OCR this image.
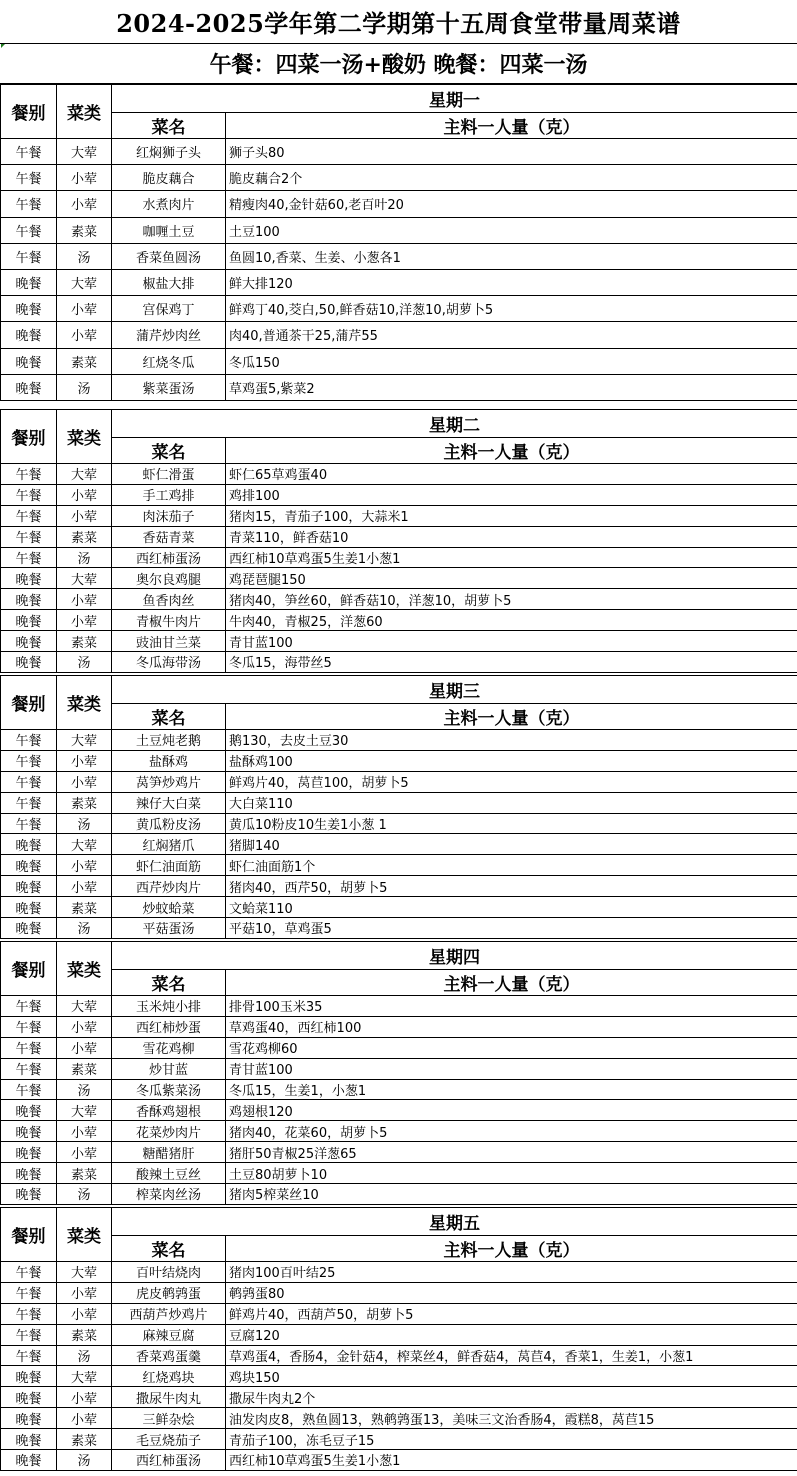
2024-2025学年第二学期第十五周食堂带量周菜谱
午餐：四菜一汤+酸奶 晚餐：四菜一汤
餐别	菜类	星期一	
		菜名	主料一人量（克）
午餐	大荤	红焖狮子头	狮子头80
午餐	小荤	脆皮藕合	脆皮藕合2个
午餐	小荤	水煮肉片	精瘦肉40,金针菇60,老百叶20
午餐	素菜	咖喱土豆	土豆100
午餐	汤	香菜鱼圆汤	鱼圆10,香菜、生姜、小葱各1
晚餐	大荤	椒盐大排	鲜大排120
晚餐	小荤	宫保鸡丁	鲜鸡丁40,茭白,50,鲜香菇10,洋葱10,胡萝卜5
晚餐	小荤	蒲芹炒肉丝	肉40,普通茶干25,蒲芹55
晚餐	素菜	红烧冬瓜	冬瓜150
晚餐	汤	紫菜蛋汤	草鸡蛋5,紫菜2
餐别	菜类	星期二	
		菜名	主料一人量（克）
午餐	大荤	虾仁滑蛋	虾仁65草鸡蛋40
午餐	小荤	手工鸡排	鸡排100
午餐	小荤	肉沫茄子	猪肉15，青茄子100，大蒜米1
午餐	素菜	香菇青菜	青菜110，鲜香菇10
午餐	汤	西红柿蛋汤	西红柿10草鸡蛋5生姜1小葱1
晚餐	大荤	奥尔良鸡腿	鸡琵琶腿150
晚餐	小荤	鱼香肉丝	猪肉40，笋丝60，鲜香菇10，洋葱10，胡萝卜5
晚餐	小荤	青椒牛肉片	牛肉40，青椒25，洋葱60
晚餐	素菜	豉油甘兰菜	青甘蓝100
晚餐	汤	冬瓜海带汤	冬瓜15，海带丝5
餐别	菜类	星期三	
		菜名	主料一人量（克）
午餐	大荤	土豆炖老鹅	鹅130，去皮土豆30
午餐	小荤	盐酥鸡	盐酥鸡100
午餐	小荤	莴笋炒鸡片	鲜鸡片40，莴苣100，胡萝卜5
午餐	素菜	辣仔大白菜	大白菜110
午餐	汤	黄瓜粉皮汤	黄瓜10粉皮10生姜1小葱 1
晚餐	大荤	红焖猪爪	猪脚140
晚餐	小荤	虾仁油面筋	虾仁油面筋1个
晚餐	小荤	西芹炒肉片	猪肉40，西芹50，胡萝卜5
晚餐	素菜	炒蚊蛤菜	文蛤菜110
晚餐	汤	平菇蛋汤	平菇10，草鸡蛋5
餐别	菜类	星期四	
		菜名	主料一人量（克）
午餐	大荤	玉米炖小排	排骨100玉米35
午餐	小荤	西红柿炒蛋	草鸡蛋40，西红柿100
午餐	小荤	雪花鸡柳	雪花鸡柳60
午餐	素菜	炒甘蓝	青甘蓝100
午餐	汤	冬瓜紫菜汤	冬瓜15，生姜1，小葱1
晚餐	大荤	香酥鸡翅根	鸡翅根120
晚餐	小荤	花菜炒肉片	猪肉40，花菜60，胡萝卜5
晚餐	小荤	糖醋猪肝	猪肝50青椒25洋葱65
晚餐	素菜	酸辣土豆丝	土豆80胡萝卜10
晚餐	汤	榨菜肉丝汤	猪肉5榨菜丝10
餐别	菜类	星期五	
		菜名	主料一人量（克）
午餐	大荤	百叶结烧肉	猪肉100百叶结25
午餐	小荤	虎皮鹌鹑蛋	鹌鹑蛋80
午餐	小荤	西葫芦炒鸡片	鲜鸡片40，西葫芦50，胡萝卜5
午餐	素菜	麻辣豆腐	豆腐120
午餐	汤	香菜鸡蛋羹	草鸡蛋4，香肠4，金针菇4，榨菜丝4，鲜香菇4，莴苣4，香菜1，生姜1，小葱1
晚餐	大荤	红烧鸡块	鸡块150
晚餐	小荤	撒尿牛肉丸	撒尿牛肉丸2个
晚餐	小荤	三鲜杂烩	油发肉皮8，熟鱼圆13，熟鹌鹑蛋13，美味三文治香肠4，霞糕8，莴苣15
晚餐	素菜	毛豆烧茄子	青茄子100，冻毛豆子15
晚餐	汤	西红柿蛋汤	西红柿10草鸡蛋5生姜1小葱1
